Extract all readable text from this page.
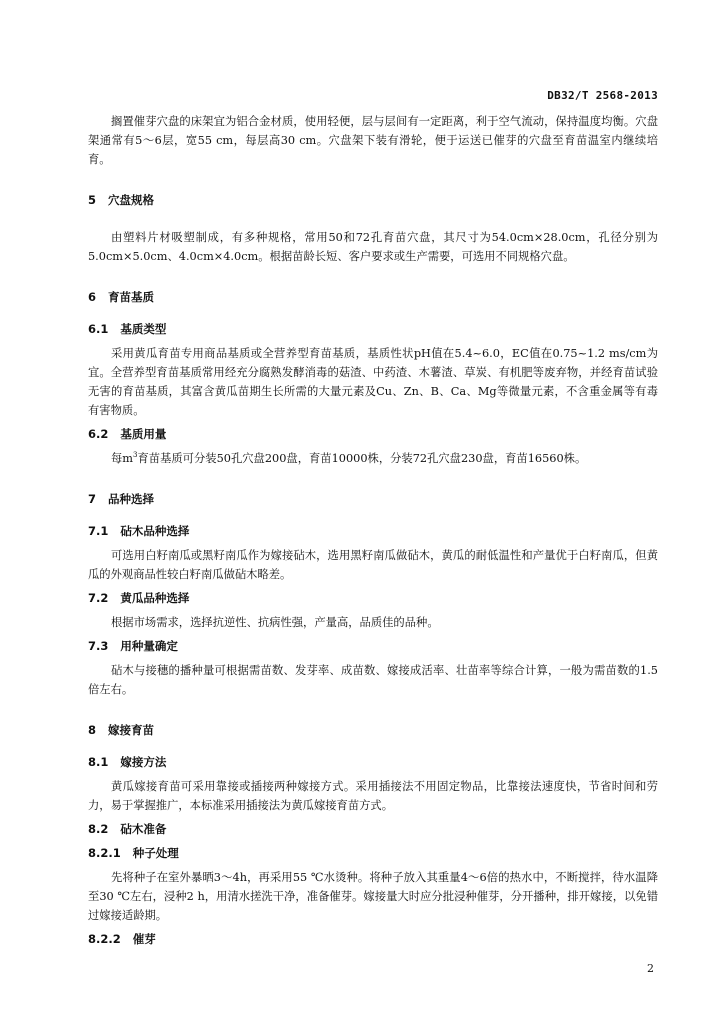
DB32/T 2568-2013

搁置催芽穴盘的床架宜为铝合金材质，使用轻便，层与层间有一定距离，利于空气流动，保持温度均衡。穴盘架通常有5～6层，宽55 cm，每层高30 cm。穴盘架下装有滑轮，便于运送已催芽的穴盘至育苗温室内继续培育。

5 穴盘规格

由塑料片材吸塑制成，有多种规格，常用50和72孔育苗穴盘，其尺寸为54.0cm×28.0cm，孔径分别为5.0cm×5.0cm、4.0cm×4.0cm。根据苗龄长短、客户要求或生产需要，可选用不同规格穴盘。

6 育苗基质
6.1 基质类型

采用黄瓜育苗专用商品基质或全营养型育苗基质，基质性状pH值在5.4~6.0，EC值在0.75~1.2 ms/cm为宜。全营养型育苗基质常用经充分腐熟发酵消毒的菇渣、中药渣、木薯渣、草炭、有机肥等废弃物，并经育苗试验无害的育苗基质，其富含黄瓜苗期生长所需的大量元素及Cu、Zn、B、Ca、Mg等微量元素，不含重金属等有毒有害物质。

6.2 基质用量

每$m^3$育苗基质可分装50孔穴盘200盘，育苗10000株，分装72孔穴盘230盘，育苗16560株。

7 品种选择
7.1 砧木品种选择

可选用白籽南瓜或黑籽南瓜作为嫁接砧木，选用黑籽南瓜做砧木，黄瓜的耐低温性和产量优于白籽南瓜，但黄瓜的外观商品性较白籽南瓜做砧木略差。

7.2 黄瓜品种选择

根据市场需求，选择抗逆性、抗病性强，产量高，品质佳的品种。

7.3 用种量确定

砧木与接穗的播种量可根据需苗数、发芽率、成苗数、嫁接成活率、壮苗率等综合计算，一般为需苗数的1.5倍左右。

8 嫁接育苗
8.1 嫁接方法

黄瓜嫁接育苗可采用靠接或插接两种嫁接方式。采用插接法不用固定物品，比靠接法速度快，节省时间和劳力，易于掌握推广，本标准采用插接法为黄瓜嫁接育苗方式。

8.2 砧木准备
8.2.1 种子处理

先将种子在室外暴晒3～4h，再采用55 ℃水烫种。将种子放入其重量4～6倍的热水中，不断搅拌，待水温降至30 ℃左右，浸种2 h，用清水搓洗干净，准备催芽。嫁接量大时应分批浸种催芽，分开播种，排开嫁接，以免错过嫁接适龄期。

8.2.2 催芽
2
